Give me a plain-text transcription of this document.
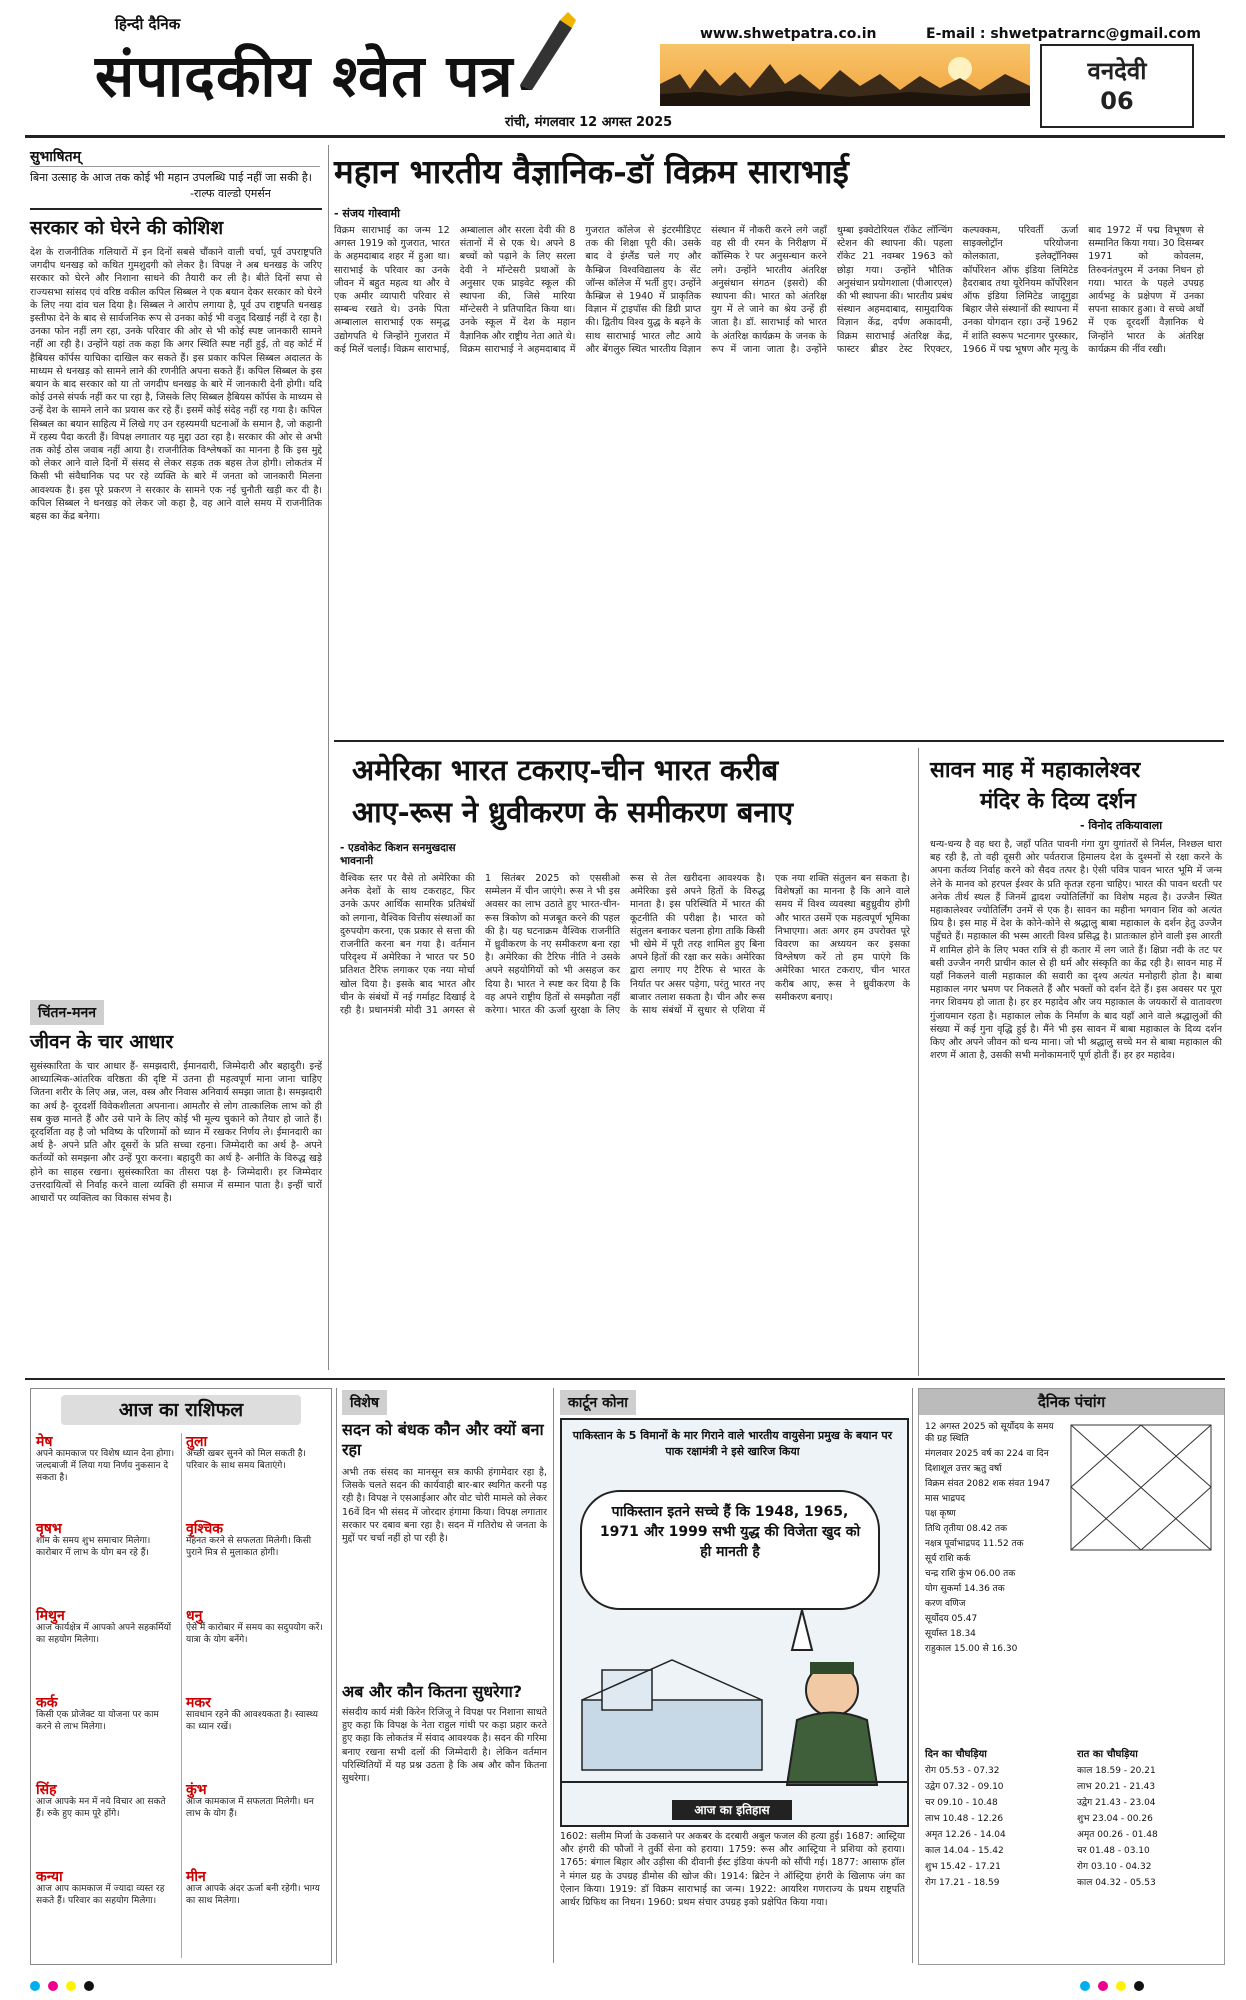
हिन्दी दैनिक
संपादकीय श्वेत पत्र
www.shwetpatra.co.in	E-mail : shwetpatrarnc@gmail.com
रांची, मंगलवार 12 अगस्त 2025
वनदेवी
06
सुभाषितम्
बिना उत्साह के आज तक कोई भी महान उपलब्धि पाई नहीं जा सकी है।
-राल्फ वाल्डो एमर्सन
सरकार को घेरने की कोशिश
देश के राजनीतिक गलियारों में इन दिनों सबसे चौंकाने वाली चर्चा, पूर्व उपराष्ट्रपति जगदीप धनखड़ को कथित गुमशुदगी को लेकर है। विपक्ष ने अब धनखड़ के जरिए सरकार को घेरने और निशाना साधने की तैयारी कर ली है। बीते दिनों सपा से राज्यसभा सांसद एवं वरिष्ठ वकील कपिल सिब्बल ने एक बयान देकर सरकार को घेरने के लिए नया दांव चल दिया है। सिब्बल ने आरोप लगाया है, पूर्व उप राष्ट्रपति धनखड़ इस्तीफा देने के बाद से सार्वजनिक रूप से उनका कोई भी वजूद दिखाई नहीं दे रहा है। उनका फोन नहीं लग रहा, उनके परिवार की ओर से भी कोई स्पष्ट जानकारी सामने नहीं आ रही है। उन्होंने यहां तक कहा कि अगर स्थिति स्पष्ट नहीं हुई, तो वह कोर्ट में हैबियस कॉर्पस याचिका दाखिल कर सकते हैं। इस प्रकार कपिल सिब्बल अदालत के माध्यम से धनखड़ को सामने लाने की रणनीति अपना सकते हैं। कपिल सिब्बल के इस बयान के बाद सरकार को या तो जगदीप धनखड़ के बारे में जानकारी देनी होगी। यदि कोई उनसे संपर्क नहीं कर पा रहा है, जिसके लिए सिब्बल हैबियस कॉर्पस के माध्यम से उन्हें देश के सामने लाने का प्रयास कर रहे हैं। इसमें कोई संदेह नहीं रह गया है। कपिल सिब्बल का बयान साहित्य में लिखे गए उन रहस्यमयी घटनाओं के समान है, जो कहानी में रहस्य पैदा करती हैं। विपक्ष लगातार यह मुद्दा उठा रहा है। सरकार की ओर से अभी तक कोई ठोस जवाब नहीं आया है। राजनीतिक विश्लेषकों का मानना है कि इस मुद्दे को लेकर आने वाले दिनों में संसद से लेकर सड़क तक बहस तेज होगी। लोकतंत्र में किसी भी संवैधानिक पद पर रहे व्यक्ति के बारे में जनता को जानकारी मिलना आवश्यक है। इस पूरे प्रकरण ने सरकार के सामने एक नई चुनौती खड़ी कर दी है। कपिल सिब्बल ने धनखड़ को लेकर जो कहा है, वह आने वाले समय में राजनीतिक बहस का केंद्र बनेगा।
चिंतन-मनन
जीवन के चार आधार
सुसंस्कारिता के चार आधार हैं- समझदारी, ईमानदारी, जिम्मेदारी और बहादुरी। इन्हें आध्यात्मिक-आंतरिक वरिष्ठता की दृष्टि में उतना ही महत्वपूर्ण माना जाना चाहिए जितना शरीर के लिए अन्न, जल, वस्त्र और निवास अनिवार्य समझा जाता है। समझदारी का अर्थ है- दूरदर्शी विवेकशीलता अपनाना। आमतौर से लोग तात्कालिक लाभ को ही सब कुछ मानते हैं और उसे पाने के लिए कोई भी मूल्य चुकाने को तैयार हो जाते हैं। दूरदर्शिता वह है जो भविष्य के परिणामों को ध्यान में रखकर निर्णय ले। ईमानदारी का अर्थ है- अपने प्रति और दूसरों के प्रति सच्चा रहना। जिम्मेदारी का अर्थ है- अपने कर्तव्यों को समझना और उन्हें पूरा करना। बहादुरी का अर्थ है- अनीति के विरुद्ध खड़े होने का साहस रखना। सुसंस्कारिता का तीसरा पक्ष है- जिम्मेदारी। हर जिम्मेदार उत्तरदायित्वों से निर्वाह करने वाला व्यक्ति ही समाज में सम्मान पाता है। इन्हीं चारों आधारों पर व्यक्तित्व का विकास संभव है।
महान भारतीय वैज्ञानिक-डॉ विक्रम साराभाई
- संजय गोस्वामी
विक्रम साराभाई का जन्म 12 अगस्त 1919 को गुजरात, भारत के अहमदाबाद शहर में हुआ था। साराभाई के परिवार का उनके जीवन में बहुत महत्व था और वे एक अमीर व्यापारी परिवार से सम्बन्ध रखते थे। उनके पिता अम्बालाल साराभाई एक समृद्ध उद्योगपति थे जिन्होंने गुजरात में कई मिलें चलाईं। विक्रम साराभाई, अम्बालाल और सरला देवी की 8 संतानों में से एक थे। अपने 8 बच्चों को पढ़ाने के लिए सरला देवी ने मॉन्टेसरी प्रथाओं के अनुसार एक प्राइवेट स्कूल की स्थापना की, जिसे मारिया मॉन्टेसरी ने प्रतिपादित किया था। उनके स्कूल में देश के महान वैज्ञानिक और राष्ट्रीय नेता आते थे। विक्रम साराभाई ने अहमदाबाद में गुजरात कॉलेज से इंटरमीडिएट तक की शिक्षा पूरी की। उसके बाद वे इंग्लैंड चले गए और कैम्ब्रिज विश्वविद्यालय के सेंट जॉन्स कॉलेज में भर्ती हुए। उन्होंने कैम्ब्रिज से 1940 में प्राकृतिक विज्ञान में ट्राइपॉस की डिग्री प्राप्त की। द्वितीय विश्व युद्ध के बढ़ने के साथ साराभाई भारत लौट आये और बेंगलुरु स्थित भारतीय विज्ञान संस्थान में नौकरी करने लगे जहाँ वह सी वी रमन के निरीक्षण में कॉस्मिक रे पर अनुसन्धान करने लगे। उन्होंने भारतीय अंतरिक्ष अनुसंधान संगठन (इसरो) की स्थापना की। भारत को अंतरिक्ष युग में ले जाने का श्रेय उन्हें ही जाता है। डॉ. साराभाई को भारत के अंतरिक्ष कार्यक्रम के जनक के रूप में जाना जाता है। उन्होंने थुम्बा इक्वेटोरियल रॉकेट लॉन्चिंग स्टेशन की स्थापना की। पहला रॉकेट 21 नवम्बर 1963 को छोड़ा गया। उन्होंने भौतिक अनुसंधान प्रयोगशाला (पीआरएल) की भी स्थापना की। भारतीय प्रबंध संस्थान अहमदाबाद, सामुदायिक विज्ञान केंद्र, दर्पण अकादमी, विक्रम साराभाई अंतरिक्ष केंद्र, फास्टर ब्रीडर टेस्ट रिएक्टर, कल्पक्कम, परिवर्ती ऊर्जा साइक्लोट्रॉन परियोजना कोलकाता, इलेक्ट्रॉनिक्स कॉर्पोरेशन ऑफ इंडिया लिमिटेड हैदराबाद तथा यूरेनियम कॉर्पोरेशन ऑफ इंडिया लिमिटेड जादूगुडा बिहार जैसे संस्थानों की स्थापना में उनका योगदान रहा। उन्हें 1962 में शांति स्वरूप भटनागर पुरस्कार, 1966 में पद्म भूषण और मृत्यु के बाद 1972 में पद्म विभूषण से सम्मानित किया गया। 30 दिसम्बर 1971 को कोवलम, तिरुवनंतपुरम में उनका निधन हो गया। भारत के पहले उपग्रह आर्यभट्ट के प्रक्षेपण में उनका सपना साकार हुआ। वे सच्चे अर्थों में एक दूरदर्शी वैज्ञानिक थे जिन्होंने भारत के अंतरिक्ष कार्यक्रम की नींव रखी।
अमेरिका भारत टकराए-चीन भारत करीब
आए-रूस ने ध्रुवीकरण के समीकरण बनाए
- एडवोकेट किशन सनमुखदास भावनानी
वैश्विक स्तर पर वैसे तो अमेरिका की अनेक देशों के साथ टकराहट, फिर उनके ऊपर आर्थिक सामरिक प्रतिबंधों को लगाना, वैश्विक वित्तीय संस्थाओं का दुरुपयोग करना, एक प्रकार से सत्ता की राजनीति करना बन गया है। वर्तमान परिदृश्य में अमेरिका ने भारत पर 50 प्रतिशत टैरिफ लगाकर एक नया मोर्चा खोल दिया है। इसके बाद भारत और चीन के संबंधों में नई गर्माहट दिखाई दे रही है। प्रधानमंत्री मोदी 31 अगस्त से 1 सितंबर 2025 को एससीओ सम्मेलन में चीन जाएंगे। रूस ने भी इस अवसर का लाभ उठाते हुए भारत-चीन-रूस त्रिकोण को मजबूत करने की पहल की है। यह घटनाक्रम वैश्विक राजनीति में ध्रुवीकरण के नए समीकरण बना रहा है। अमेरिका की टैरिफ नीति ने उसके अपने सहयोगियों को भी असहज कर दिया है। भारत ने स्पष्ट कर दिया है कि वह अपने राष्ट्रीय हितों से समझौता नहीं करेगा। भारत की ऊर्जा सुरक्षा के लिए रूस से तेल खरीदना आवश्यक है। अमेरिका इसे अपने हितों के विरुद्ध मानता है। इस परिस्थिति में भारत की कूटनीति की परीक्षा है। भारत को संतुलन बनाकर चलना होगा ताकि किसी भी खेमे में पूरी तरह शामिल हुए बिना अपने हितों की रक्षा कर सके। अमेरिका द्वारा लगाए गए टैरिफ से भारत के निर्यात पर असर पड़ेगा, परंतु भारत नए बाजार तलाश सकता है। चीन और रूस के साथ संबंधों में सुधार से एशिया में एक नया शक्ति संतुलन बन सकता है। विशेषज्ञों का मानना है कि आने वाले समय में विश्व व्यवस्था बहुध्रुवीय होगी और भारत उसमें एक महत्वपूर्ण भूमिका निभाएगा। अतः अगर हम उपरोक्त पूरे विवरण का अध्ययन कर इसका विश्लेषण करें तो हम पाएंगे कि अमेरिका भारत टकराए, चीन भारत करीब आए, रूस ने ध्रुवीकरण के समीकरण बनाए।
सावन माह में महाकालेश्वर
मंदिर के दिव्य दर्शन
- विनोद तकियावाला
धन्य-धन्य है वह धरा है, जहाँ पतित पावनी गंगा युग युगांतरों से निर्मल, निश्छल धारा बह रही है, तो वही दूसरी ओर पर्वतराज हिमालय देश के दुश्मनों से रक्षा करने के अपना कर्तव्य निर्वाह करने को सैदव तत्पर है। ऐसी पवित्र पावन भारत भूमि में जन्म लेने के मानव को हरपल ईश्वर के प्रति कृतज्ञ रहना चाहिए। भारत की पावन धरती पर अनेक तीर्थ स्थल हैं जिनमें द्वादश ज्योतिर्लिंगों का विशेष महत्व है। उज्जैन स्थित महाकालेश्वर ज्योतिर्लिंग उनमें से एक है। सावन का महीना भगवान शिव को अत्यंत प्रिय है। इस माह में देश के कोने-कोने से श्रद्धालु बाबा महाकाल के दर्शन हेतु उज्जैन पहुँचते हैं। महाकाल की भस्म आरती विश्व प्रसिद्ध है। प्रातःकाल होने वाली इस आरती में शामिल होने के लिए भक्त रात्रि से ही कतार में लग जाते हैं। क्षिप्रा नदी के तट पर बसी उज्जैन नगरी प्राचीन काल से ही धर्म और संस्कृति का केंद्र रही है। सावन माह में यहाँ निकलने वाली महाकाल की सवारी का दृश्य अत्यंत मनोहारी होता है। बाबा महाकाल नगर भ्रमण पर निकलते हैं और भक्तों को दर्शन देते हैं। इस अवसर पर पूरा नगर शिवमय हो जाता है। हर हर महादेव और जय महाकाल के जयकारों से वातावरण गुंजायमान रहता है। महाकाल लोक के निर्माण के बाद यहाँ आने वाले श्रद्धालुओं की संख्या में कई गुना वृद्धि हुई है। मैंने भी इस सावन में बाबा महाकाल के दिव्य दर्शन किए और अपने जीवन को धन्य माना। जो भी श्रद्धालु सच्चे मन से बाबा महाकाल की शरण में आता है, उसकी सभी मनोकामनाएँ पूर्ण होती हैं। हर हर महादेव।
आज का राशिफल
मेष
अपने कामकाज पर विशेष ध्यान देना होगा। जल्दबाजी में लिया गया निर्णय नुकसान दे सकता है।
तुला
अच्छी खबर सुनने को मिल सकती है। परिवार के साथ समय बिताएंगे।
वृषभ
शाम के समय शुभ समाचार मिलेगा। कारोबार में लाभ के योग बन रहे हैं।
वृश्चिक
मेहनत करने से सफलता मिलेगी। किसी पुराने मित्र से मुलाकात होगी।
मिथुन
आज कार्यक्षेत्र में आपको अपने सहकर्मियों का सहयोग मिलेगा।
धनु
ऐसे में कारोबार में समय का सदुपयोग करें। यात्रा के योग बनेंगे।
कर्क
किसी एक प्रोजेक्ट या योजना पर काम करने से लाभ मिलेगा।
मकर
सावधान रहने की आवश्यकता है। स्वास्थ्य का ध्यान रखें।
सिंह
आज आपके मन में नये विचार आ सकते हैं। रुके हुए काम पूरे होंगे।
कुंभ
आज कामकाज में सफलता मिलेगी। धन लाभ के योग हैं।
कन्या
आज आप कामकाज में ज्यादा व्यस्त रह सकते हैं। परिवार का सहयोग मिलेगा।
मीन
आज आपके अंदर ऊर्जा बनी रहेगी। भाग्य का साथ मिलेगा।
विशेष
सदन को बंधक कौन और क्यों बना रहा
अभी तक संसद का मानसून सत्र काफी हंगामेदार रहा है, जिसके चलते सदन की कार्यवाही बार-बार स्थगित करनी पड़ रही है। विपक्ष ने एसआईआर और वोट चोरी मामले को लेकर 16वें दिन भी संसद में जोरदार हंगामा किया। विपक्ष लगातार सरकार पर दबाव बना रहा है। सदन में गतिरोध से जनता के मुद्दों पर चर्चा नहीं हो पा रही है।
अब और कौन कितना सुधरेगा?
संसदीय कार्य मंत्री किरेन रिजिजू ने विपक्ष पर निशाना साधते हुए कहा कि विपक्ष के नेता राहुल गांधी पर कड़ा प्रहार करते हुए कहा कि लोकतंत्र में संवाद आवश्यक है। सदन की गरिमा बनाए रखना सभी दलों की जिम्मेदारी है। लेकिन वर्तमान परिस्थितियों में यह प्रश्न उठता है कि अब और कौन कितना सुधरेगा।
कार्टून कोना
पाकिस्तान के 5 विमानों के मार गिराने वाले भारतीय वायुसेना प्रमुख के बयान पर पाक रक्षामंत्री ने इसे खारिज किया
पाकिस्तान इतने सच्चे हैं कि 1948, 1965, 1971 और 1999 सभी युद्ध की विजेता खुद को ही मानती है
आज का इतिहास
1602: सलीम मिर्जा के उकसाने पर अकबर के दरबारी अबुल फजल की हत्या हुई। 1687: आस्ट्रिया और हंगरी की फौजों ने तुर्की सेना को हराया। 1759: रूस और आस्ट्रिया ने प्रशिया को हराया। 1765: बंगाल बिहार और उड़ीसा की दीवानी ईस्ट इंडिया कंपनी को सौंपी गई। 1877: आसाफ हॉल ने मंगल ग्रह के उपग्रह डीमोस की खोज की। 1914: ब्रिटेन ने ऑस्ट्रिया हंगरी के खिलाफ जंग का ऐलान किया। 1919: डॉ विक्रम साराभाई का जन्म। 1922: आयरिश गणराज्य के प्रथम राष्ट्रपति आर्थर ग्रिफिथ का निधन। 1960: प्रथम संचार उपग्रह इको प्रक्षेपित किया गया।
दैनिक पंचांग
12 अगस्त 2025 को सूर्योदय के समय की ग्रह स्थिति
मंगलवार 2025 वर्ष का 224 वा दिन
दिशाशूल उत्तर ऋतु वर्षा
विक्रम संवत 2082 शक संवत 1947
मास भाद्रपद
पक्ष कृष्ण
तिथि तृतीया 08.42 तक
नक्षत्र पूर्वाभाद्रपद 11.52 तक
सूर्य राशि कर्क
चन्द्र राशि कुंभ 06.00 तक
योग सुकर्मा 14.36 तक
करण वणिज
सूर्योदय 05.47
सूर्यास्त 18.34
राहुकाल 15.00 से 16.30
दिन का चौघड़िया	रात का चौघड़िया
रोग 05.53 - 07.32
उद्वेग 07.32 - 09.10
चर 09.10 - 10.48
लाभ 10.48 - 12.26
अमृत 12.26 - 14.04
काल 14.04 - 15.42
शुभ 15.42 - 17.21
रोग 17.21 - 18.59
काल 18.59 - 20.21
लाभ 20.21 - 21.43
उद्वेग 21.43 - 23.04
शुभ 23.04 - 00.26
अमृत 00.26 - 01.48
चर 01.48 - 03.10
रोग 03.10 - 04.32
काल 04.32 - 05.53
